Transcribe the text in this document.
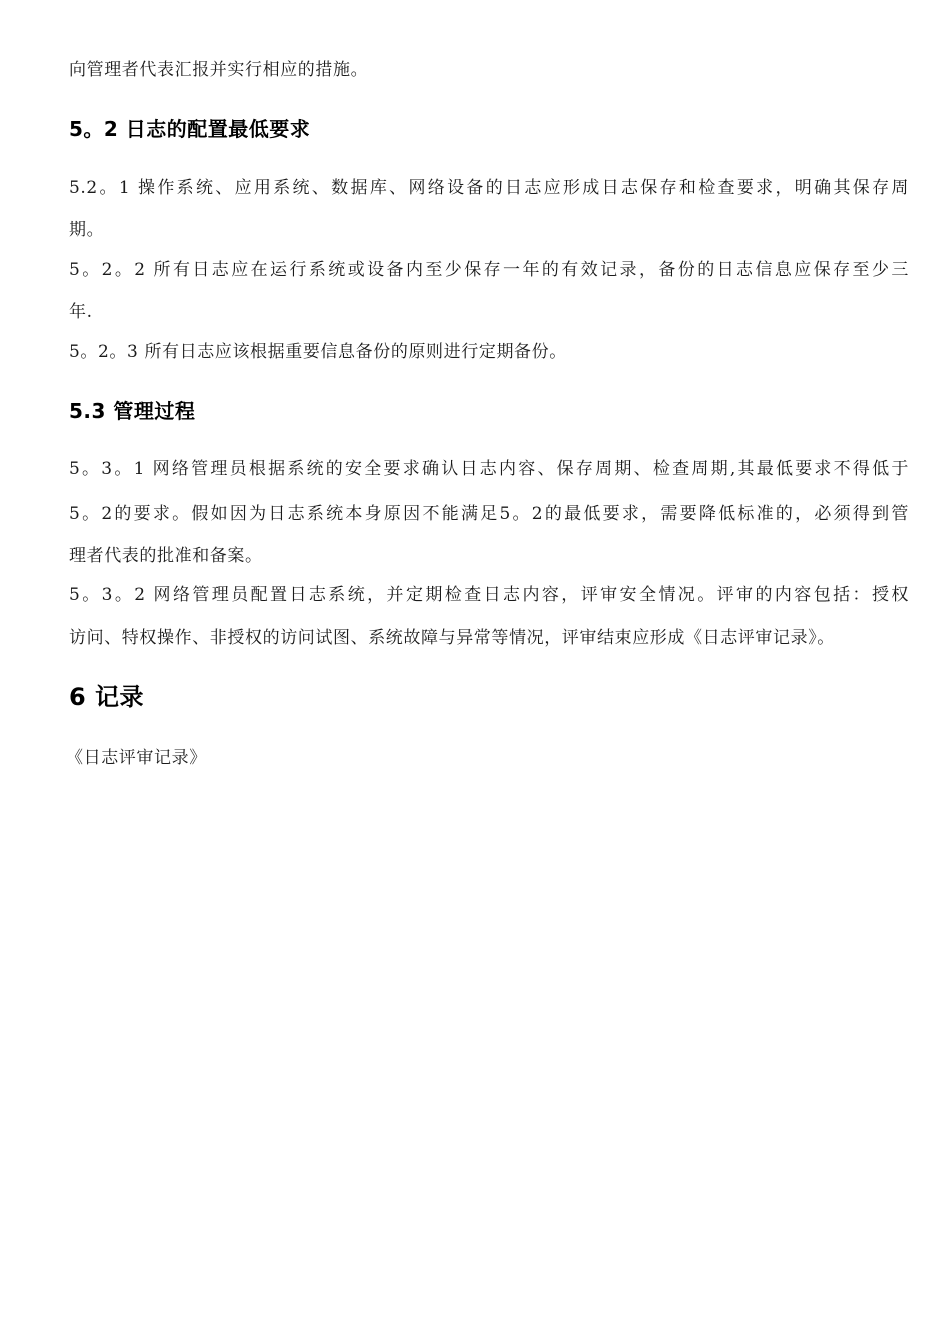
向管理者代表汇报并实行相应的措施。
5。2 日志的配置最低要求
5.2。1 操作系统、应用系统、数据库、网络设备的日志应形成日志保存和检查要求，明确其保存周
期。
5。2。2 所有日志应在运行系统或设备内至少保存一年的有效记录，备份的日志信息应保存至少三
年.
5。2。3 所有日志应该根据重要信息备份的原则进行定期备份。
5.3 管理过程
5。3。1 网络管理员根据系统的安全要求确认日志内容、保存周期、检查周期,其最低要求不得低于
5。2的要求。假如因为日志系统本身原因不能满足5。2的最低要求，需要降低标准的，必须得到管
理者代表的批准和备案。
5。3。2 网络管理员配置日志系统，并定期检查日志内容，评审安全情况。评审的内容包括：授权
访问、特权操作、非授权的访问试图、系统故障与异常等情况，评审结束应形成《日志评审记录》。
6 记录
《日志评审记录》
